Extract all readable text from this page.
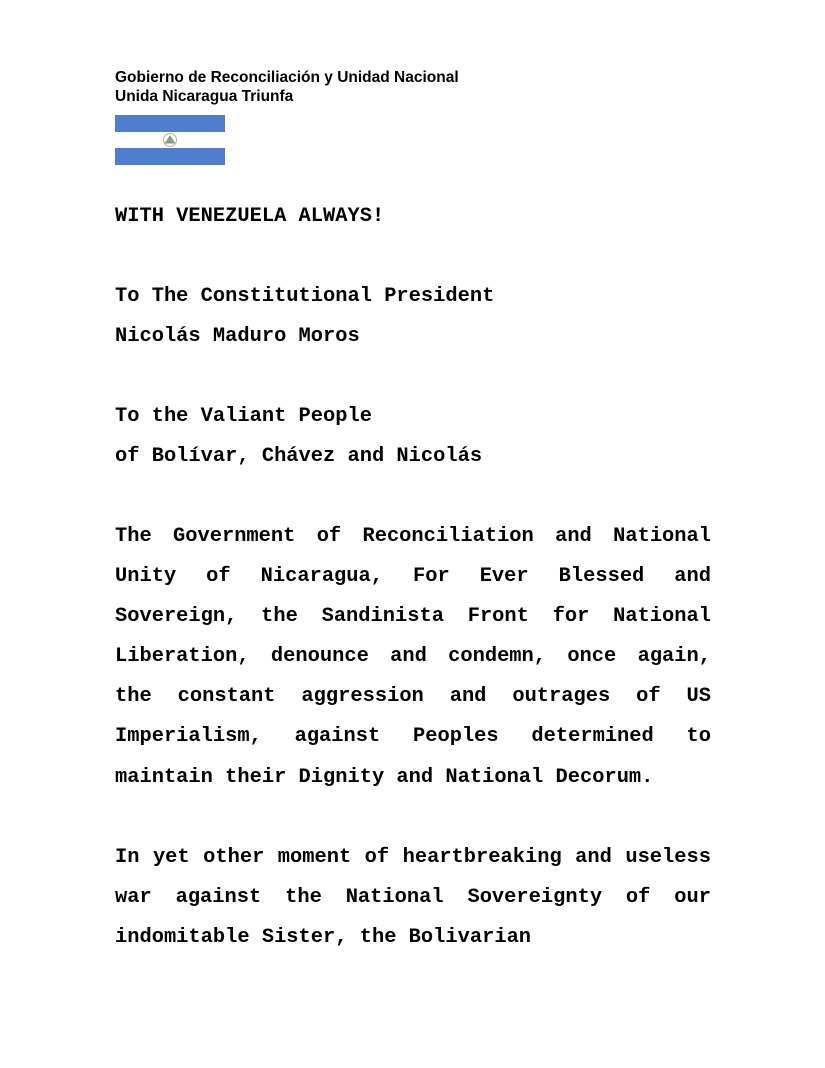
Gobierno de Reconciliación y Unidad Nacional
Unida Nicaragua Triunfa
WITH VENEZUELA ALWAYS!
To The Constitutional President
Nicolás Maduro Moros
To the Valiant People
of Bolívar, Chávez and Nicolás
The Government of Reconciliation and National Unity of Nicaragua, For Ever Blessed and Sovereign, the Sandinista Front for National Liberation, denounce and condemn, once again, the constant aggression and outrages of US Imperialism, against Peoples determined to maintain their Dignity and National Decorum.
In yet other moment of heartbreaking and useless war against the National Sovereignty of our indomitable Sister, the Bolivarian
